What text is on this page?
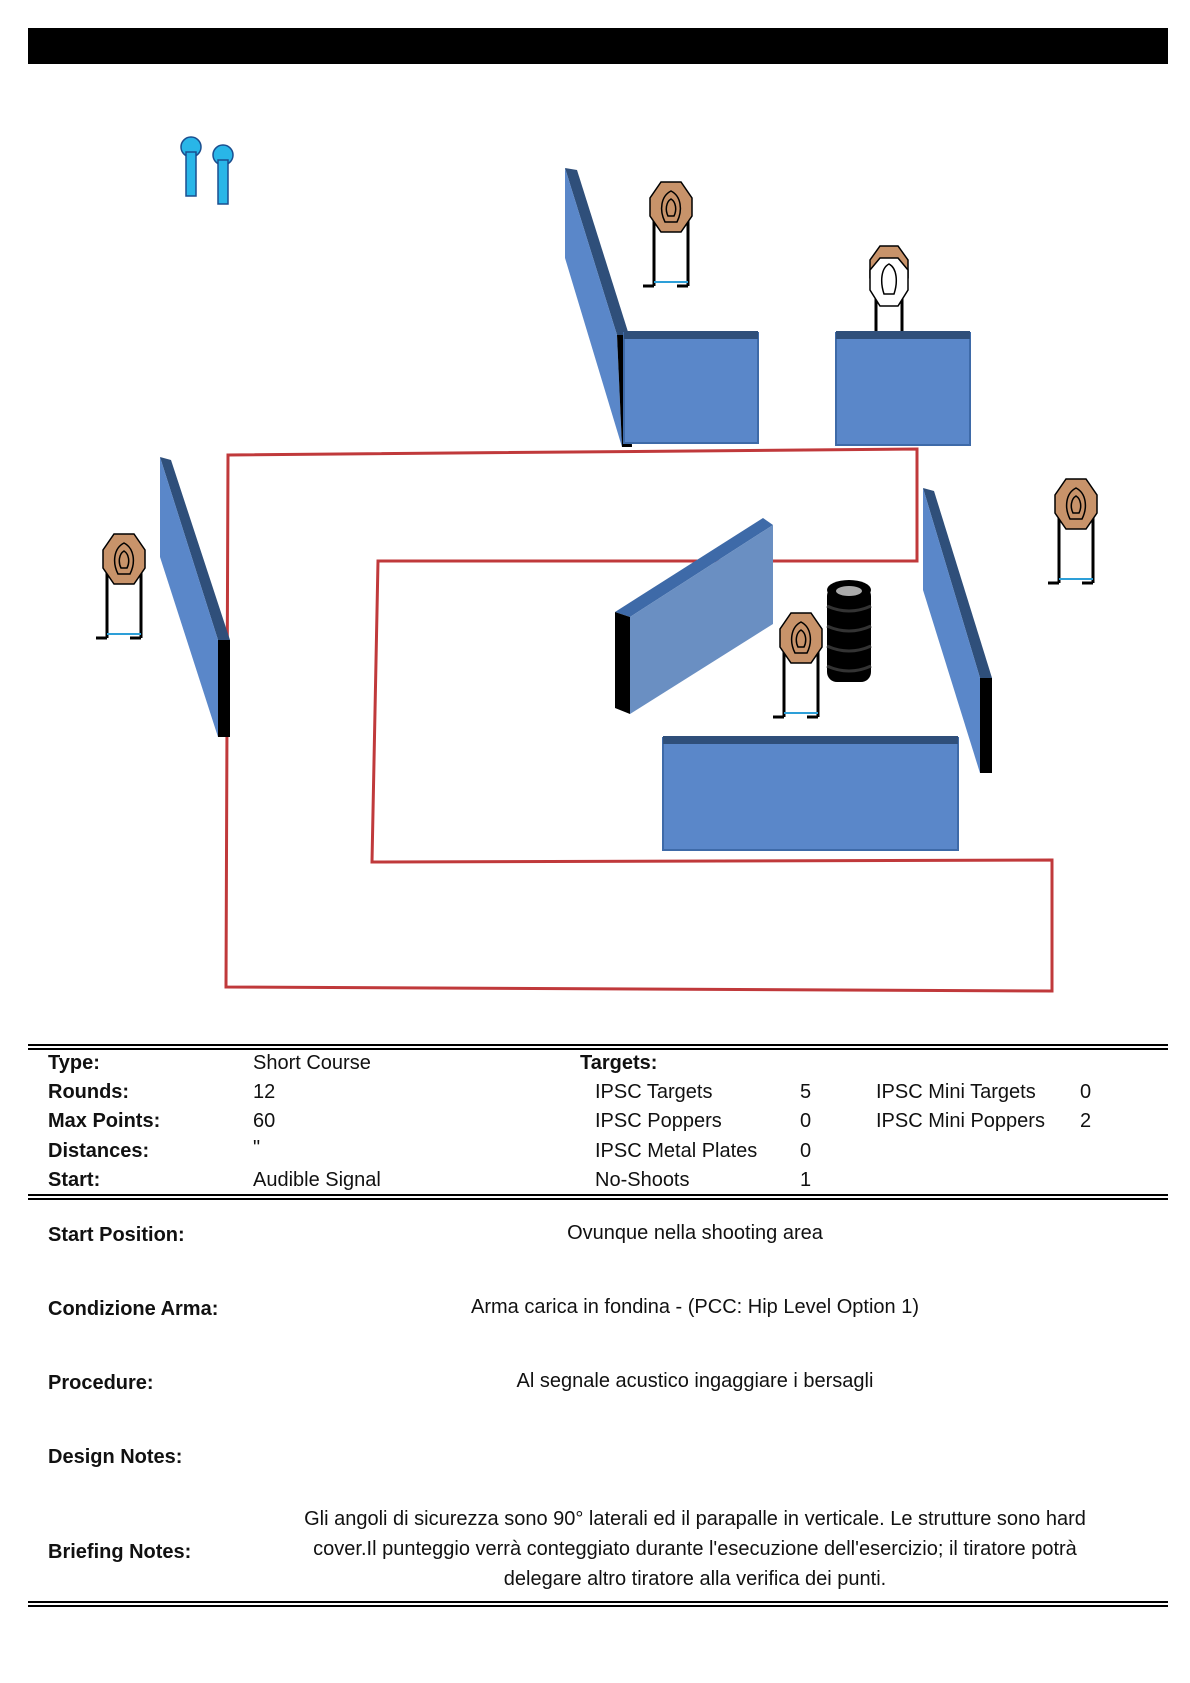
Type:	Short Course
Rounds:	12
Max Points:	60
Distances:	"
Start:	Audible Signal
Targets:
IPSC Targets	5
IPSC Poppers	0
IPSC Metal Plates 0
No-Shoots	1
IPSC Mini Targets 0
IPSC Mini Poppers 2
Start Position:	Ovunque nella shooting area
Condizione Arma:	Arma carica in fondina - (PCC: Hip Level Option 1)
Procedure:	Al segnale acustico ingaggiare i bersagli
Design Notes:
Briefing Notes:
Gli angoli di sicurezza sono 90° laterali ed il parapalle in verticale. Le strutture sono hard
cover.Il punteggio verrà conteggiato durante l'esecuzione dell'esercizio; il tiratore potrà
delegare altro tiratore alla verifica dei punti.
